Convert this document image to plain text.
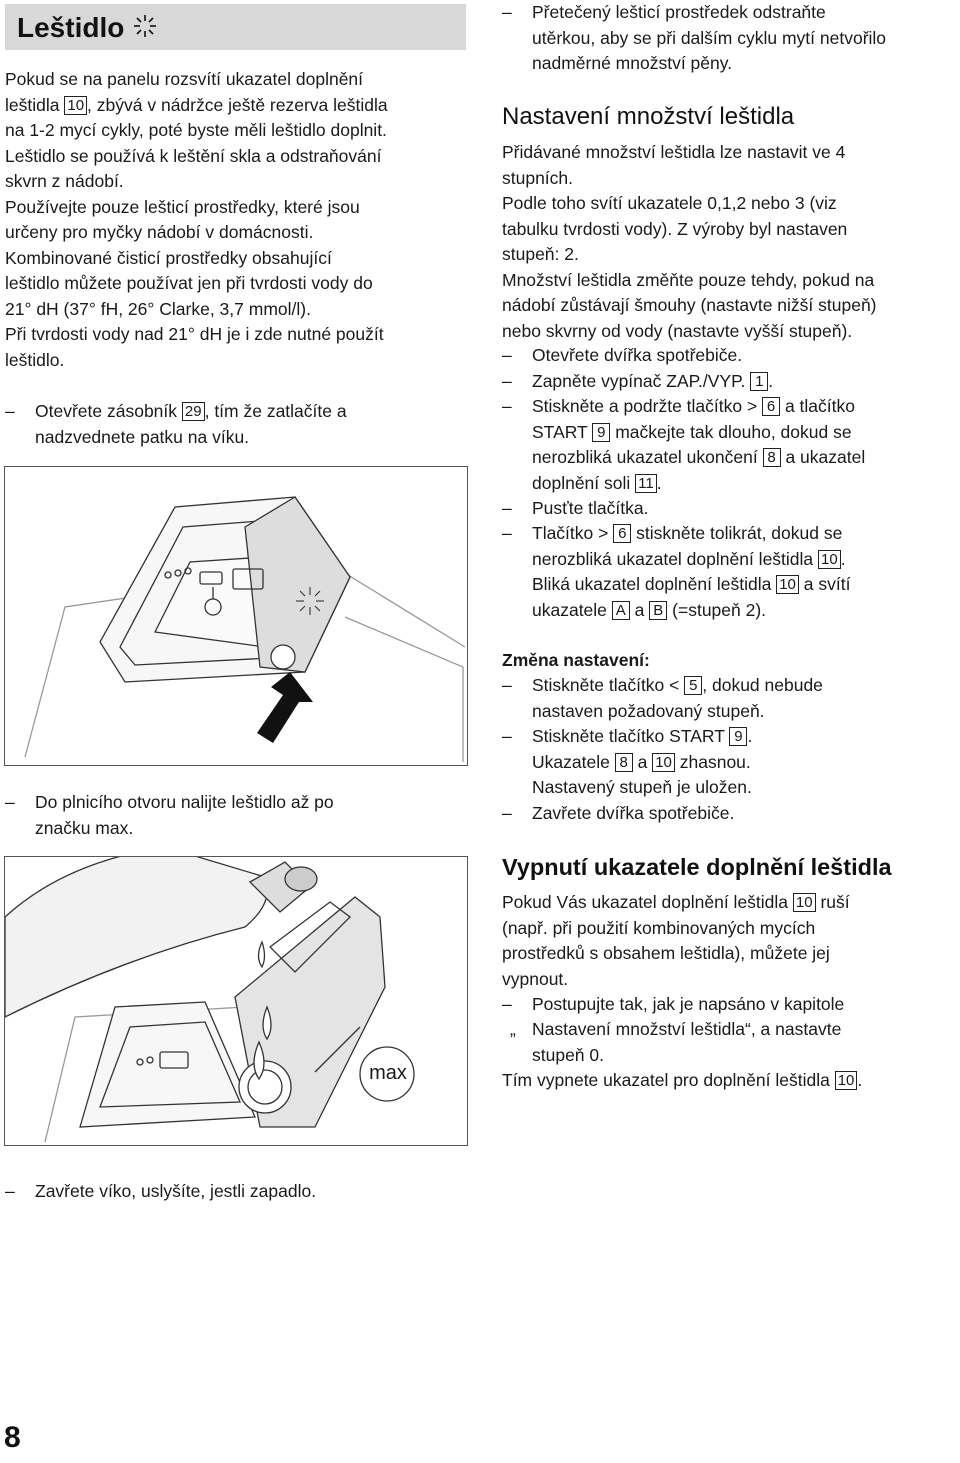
Leštidlo

Pokud se na panelu rozsvítí ukazatel doplnění

leštidla 10 , zbývá v nádržce ještě rezerva leštidla

na 1-2 mycí cykly, poté byste měli leštidlo doplnit.

Leštidlo se používá k leštění skla a odstraňování

skvrn z nádobí.

Používejte pouze lešticí prostředky, které jsou

určeny pro myčky nádobí v domácnosti.

Kombinované čisticí prostředky obsahující

leštidlo můžete používat jen při tvrdosti vody do

21° dH (37° fH, 26° Clarke, 3,7 mmol/l).

Při tvrdosti vody nad 21° dH je i zde nutné použít

leštidlo.

–	Otevřete zásobník 29 , tím že zatlačíte a
nadzvednete patku na víku.
–	Do plnicího otvoru nalijte leštidlo až po
značku max.
max
–	Zavřete víko, uslyšíte, jestli zapadlo.
8
–	Přetečený lešticí prostředek odstraňte
utěrkou, aby se při dalším cyklu mytí netvořilo
nadměrné množství pěny.
Nastavení množství leštidla

Přidávané množství leštidla lze nastavit ve 4

stupních.

Podle toho svítí ukazatele 0,1,2 nebo 3 (viz

tabulku tvrdosti vody). Z výroby byl nastaven

stupeň: 2.

Množství leštidla změňte pouze tehdy, pokud na

nádobí zůstávají šmouhy (nastavte nižší stupeň)

nebo skvrny od vody (nastavte vyšší stupeň).

–	Otevřete dvířka spotřebiče.
–	Zapněte vypínač ZAP./VYP. 1 .
–	Stiskněte a podržte tlačítko > 6 a tlačítko
START 9 mačkejte tak dlouho, dokud se
nerozbliká ukazatel ukončení 8 a ukazatel
doplnění soli 11 .
–	Pusťte tlačítka.
–	Tlačítko > 6 stiskněte tolikrát, dokud se
nerozbliká ukazatel doplnění leštidla 10 .
Bliká ukazatel doplnění leštidla 10 a svítí
ukazatele A a B (=stupeň 2).
Změna nastavení:
–	Stiskněte tlačítko < 5 , dokud nebude
nastaven požadovaný stupeň.
–	Stiskněte tlačítko START 9 .
Ukazatele 8 a 10 zhasnou.
Nastavený stupeň je uložen.
–	Zavřete dvířka spotřebiče.
Vypnutí ukazatele doplnění leštidla

Pokud Vás ukazatel doplnění leštidla 10 ruší

(např. při použití kombinovaných mycích

prostředků s obsahem leštidla), můžete jej

vypnout.

–	Postupujte tak, jak je napsáno v kapitole
„ Nastavení množství leštidla“, a nastavte
stupeň 0.

Tím vypnete ukazatel pro doplnění leštidla 10 .
